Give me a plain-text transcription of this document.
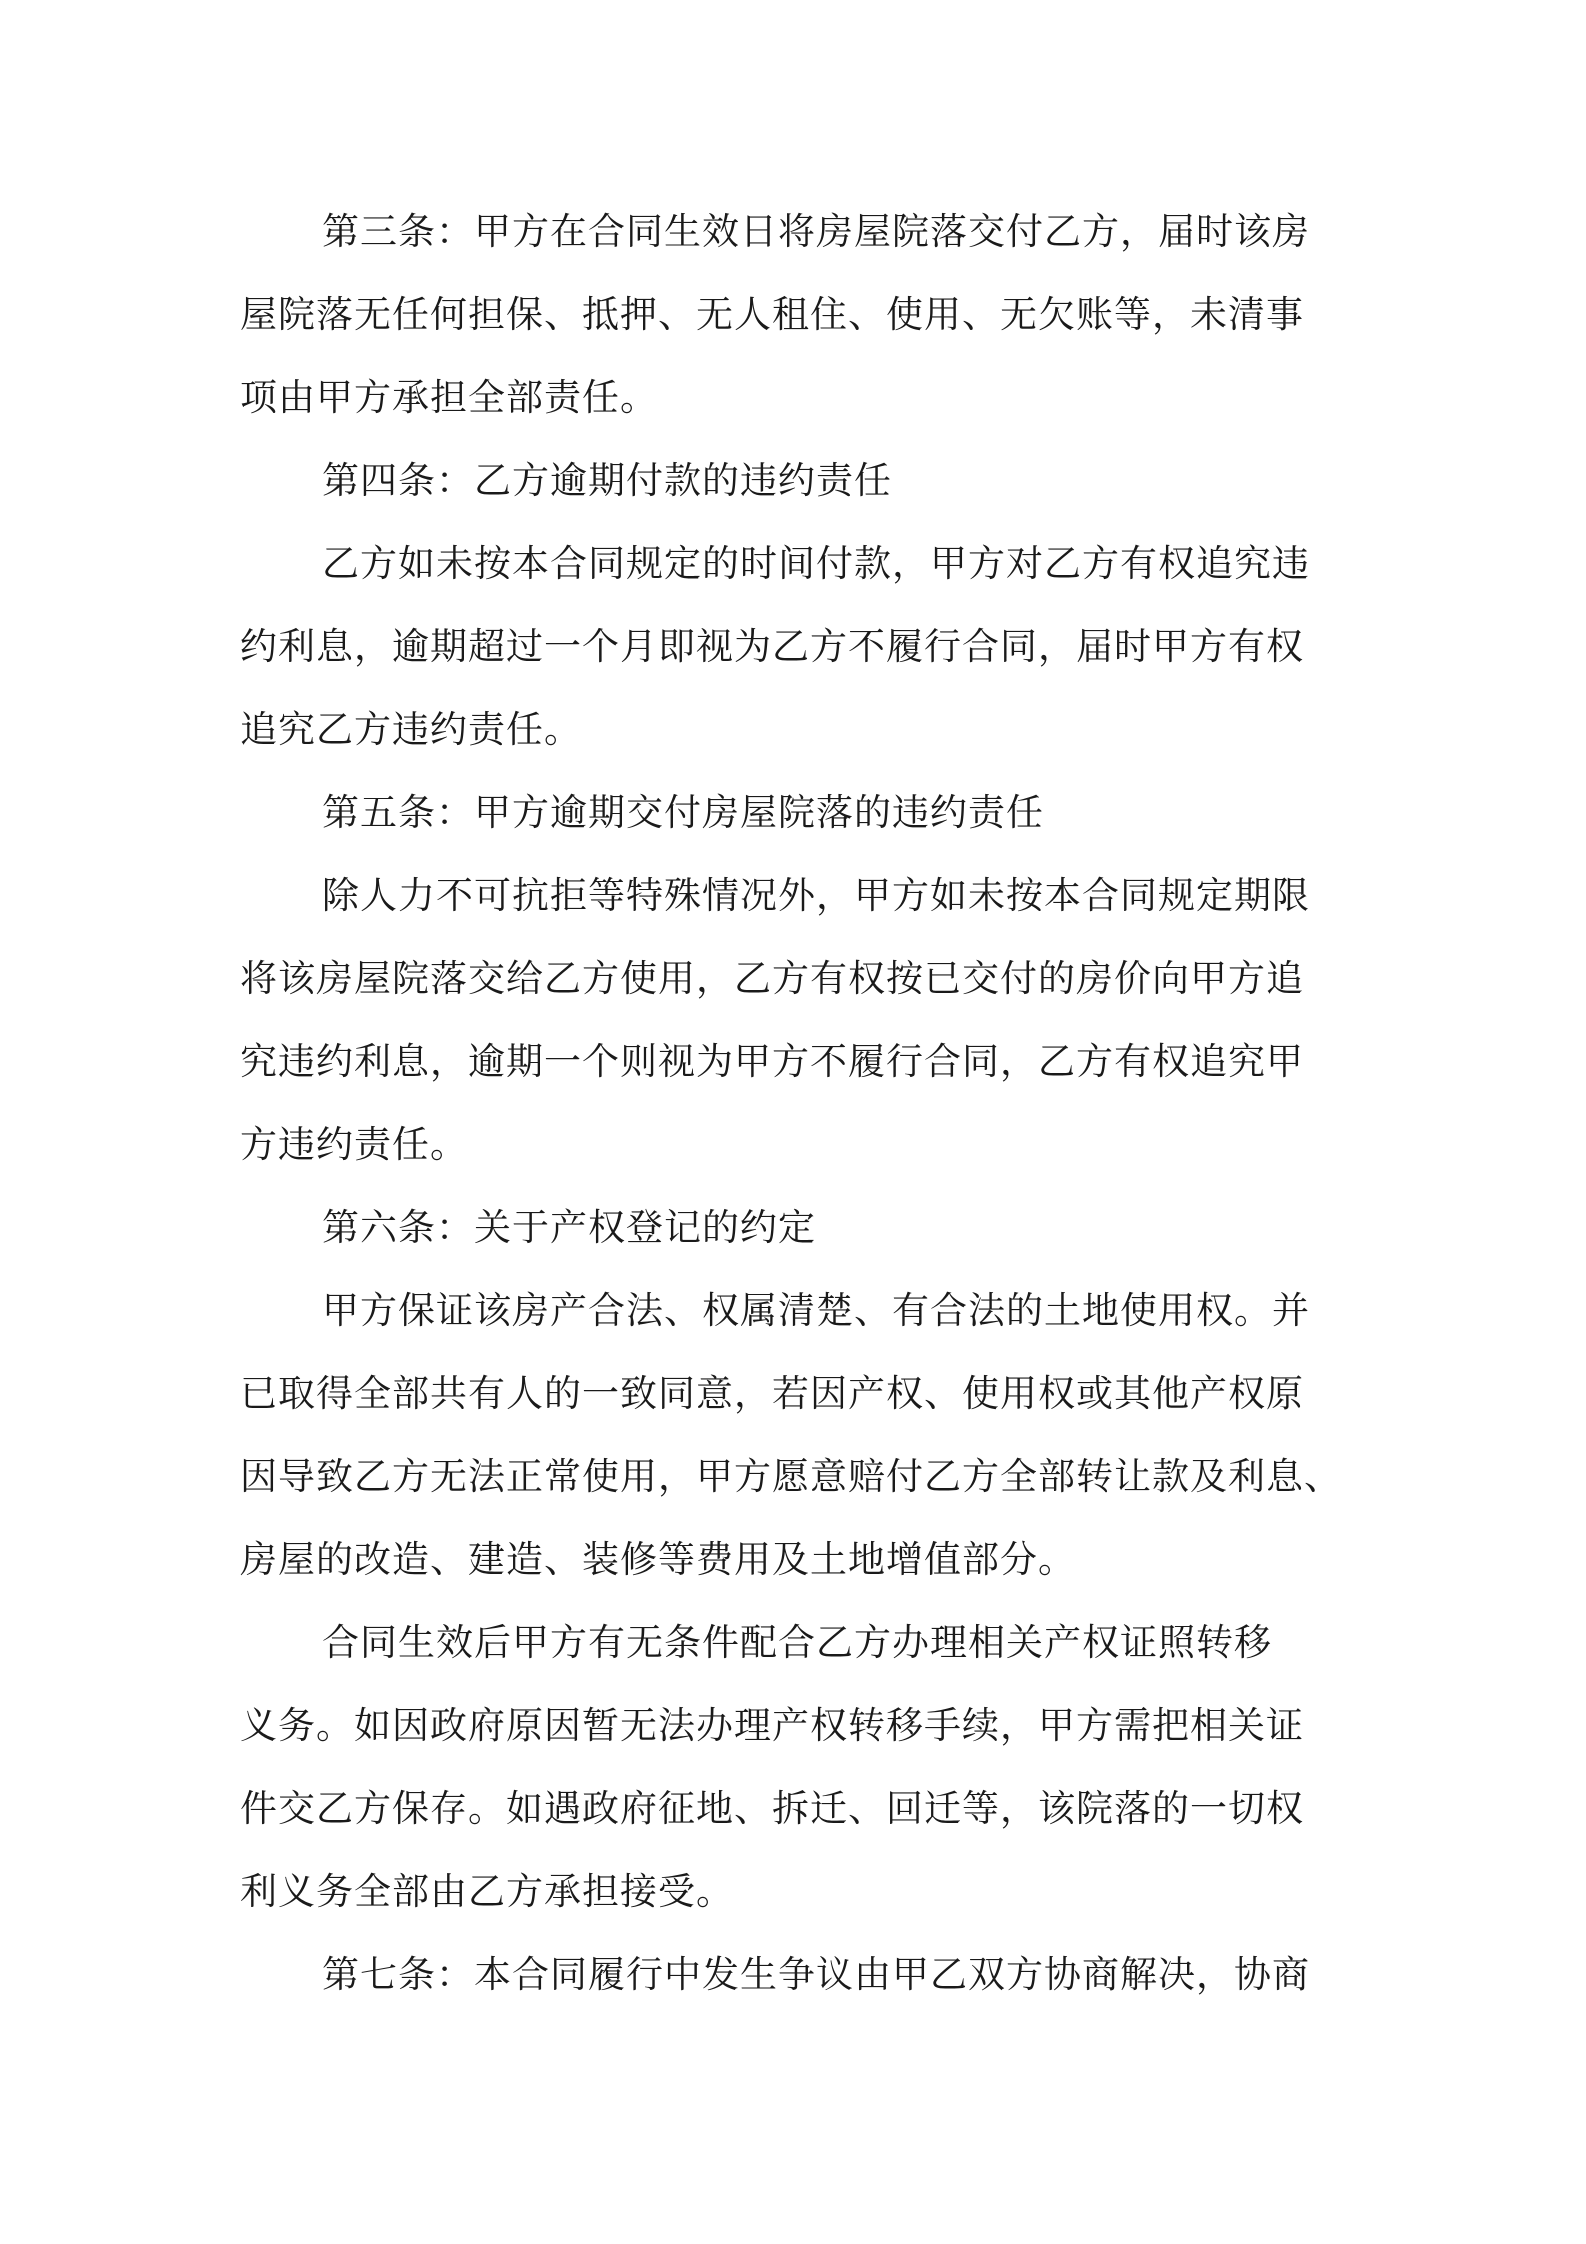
第三条：甲方在合同生效日将房屋院落交付乙方，届时该房
屋院落无任何担保、抵押、无人租住、使用、无欠账等，未清事
项由甲方承担全部责任。
第四条：乙方逾期付款的违约责任
乙方如未按本合同规定的时间付款，甲方对乙方有权追究违
约利息，逾期超过一个月即视为乙方不履行合同，届时甲方有权
追究乙方违约责任。
第五条：甲方逾期交付房屋院落的违约责任
除人力不可抗拒等特殊情况外，甲方如未按本合同规定期限
将该房屋院落交给乙方使用，乙方有权按已交付的房价向甲方追
究违约利息，逾期一个则视为甲方不履行合同，乙方有权追究甲
方违约责任。
第六条：关于产权登记的约定
甲方保证该房产合法、权属清楚、有合法的土地使用权。并
已取得全部共有人的一致同意，若因产权、使用权或其他产权原
因导致乙方无法正常使用，甲方愿意赔付乙方全部转让款及利息、
房屋的改造、建造、装修等费用及土地增值部分。
合同生效后甲方有无条件配合乙方办理相关产权证照转移
义务。如因政府原因暂无法办理产权转移手续，甲方需把相关证
件交乙方保存。如遇政府征地、拆迁、回迁等，该院落的一切权
利义务全部由乙方承担接受。
第七条：本合同履行中发生争议由甲乙双方协商解决，协商
